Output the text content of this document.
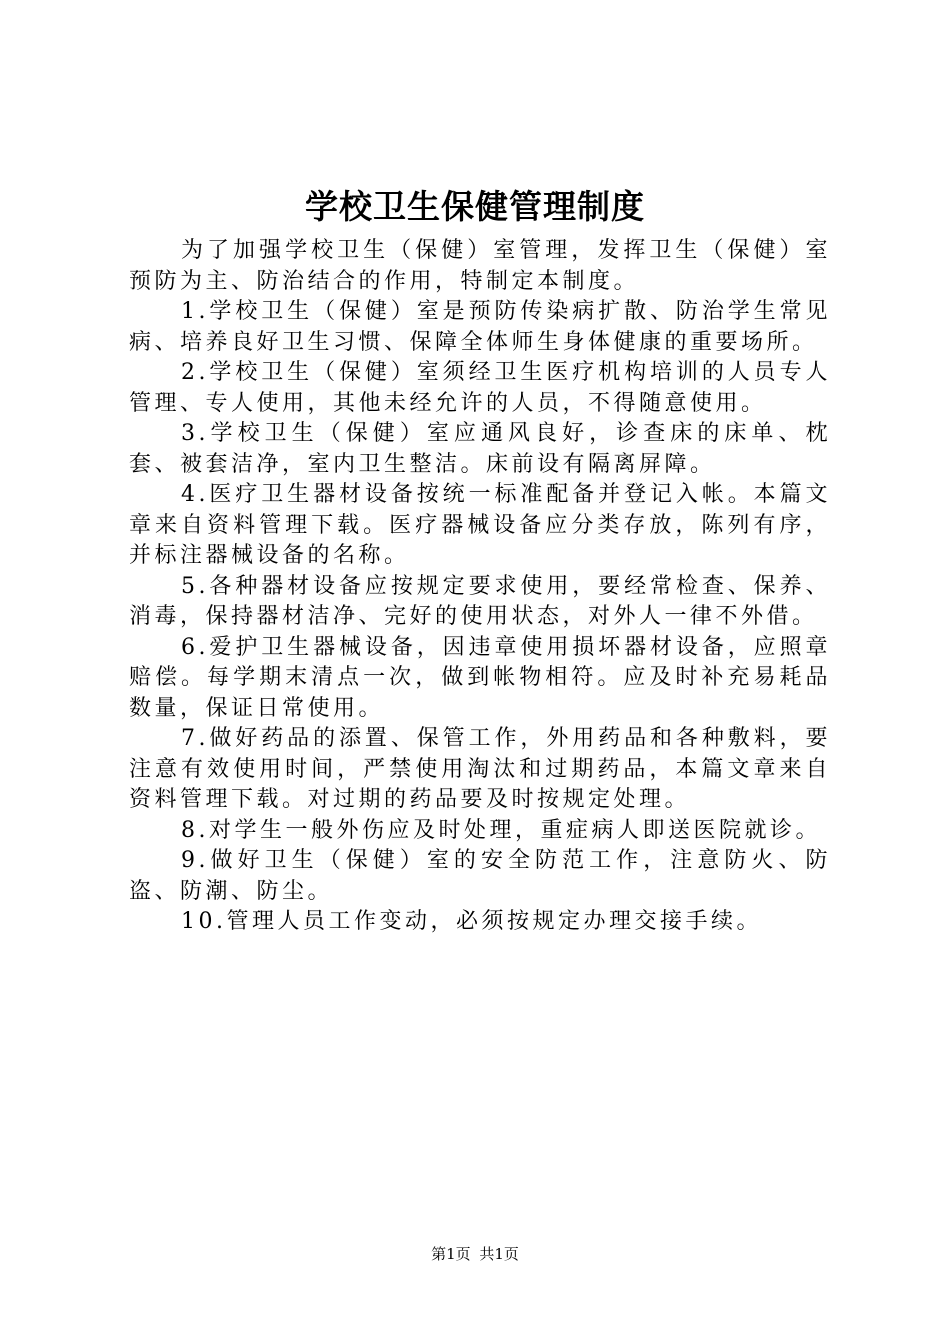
学校卫生保健管理制度

为了加强学校卫生（保健）室管理，发挥卫生（保健）室预防为主、防治结合的作用，特制定本制度。

1.学校卫生（保健）室是预防传染病扩散、防治学生常见病、培养良好卫生习惯、保障全体师生身体健康的重要场所。

2.学校卫生（保健）室须经卫生医疗机构培训的人员专人管理、专人使用，其他未经允许的人员，不得随意使用。

3.学校卫生（保健）室应通风良好，诊查床的床单、枕套、被套洁净，室内卫生整洁。床前设有隔离屏障。

4.医疗卫生器材设备按统一标准配备并登记入帐。本篇文章来自资料管理下载。医疗器械设备应分类存放，陈列有序，并标注器械设备的名称。

5.各种器材设备应按规定要求使用，要经常检查、保养、消毒，保持器材洁净、完好的使用状态，对外人一律不外借。

6.爱护卫生器械设备，因违章使用损坏器材设备，应照章赔偿。每学期末清点一次，做到帐物相符。应及时补充易耗品数量，保证日常使用。

7.做好药品的添置、保管工作，外用药品和各种敷料，要注意有效使用时间，严禁使用淘汰和过期药品，本篇文章来自资料管理下载。对过期的药品要及时按规定处理。

8.对学生一般外伤应及时处理，重症病人即送医院就诊。

9.做好卫生（保健）室的安全防范工作，注意防火、防盗、防潮、防尘。

10.管理人员工作变动，必须按规定办理交接手续。

第1页 共1页
